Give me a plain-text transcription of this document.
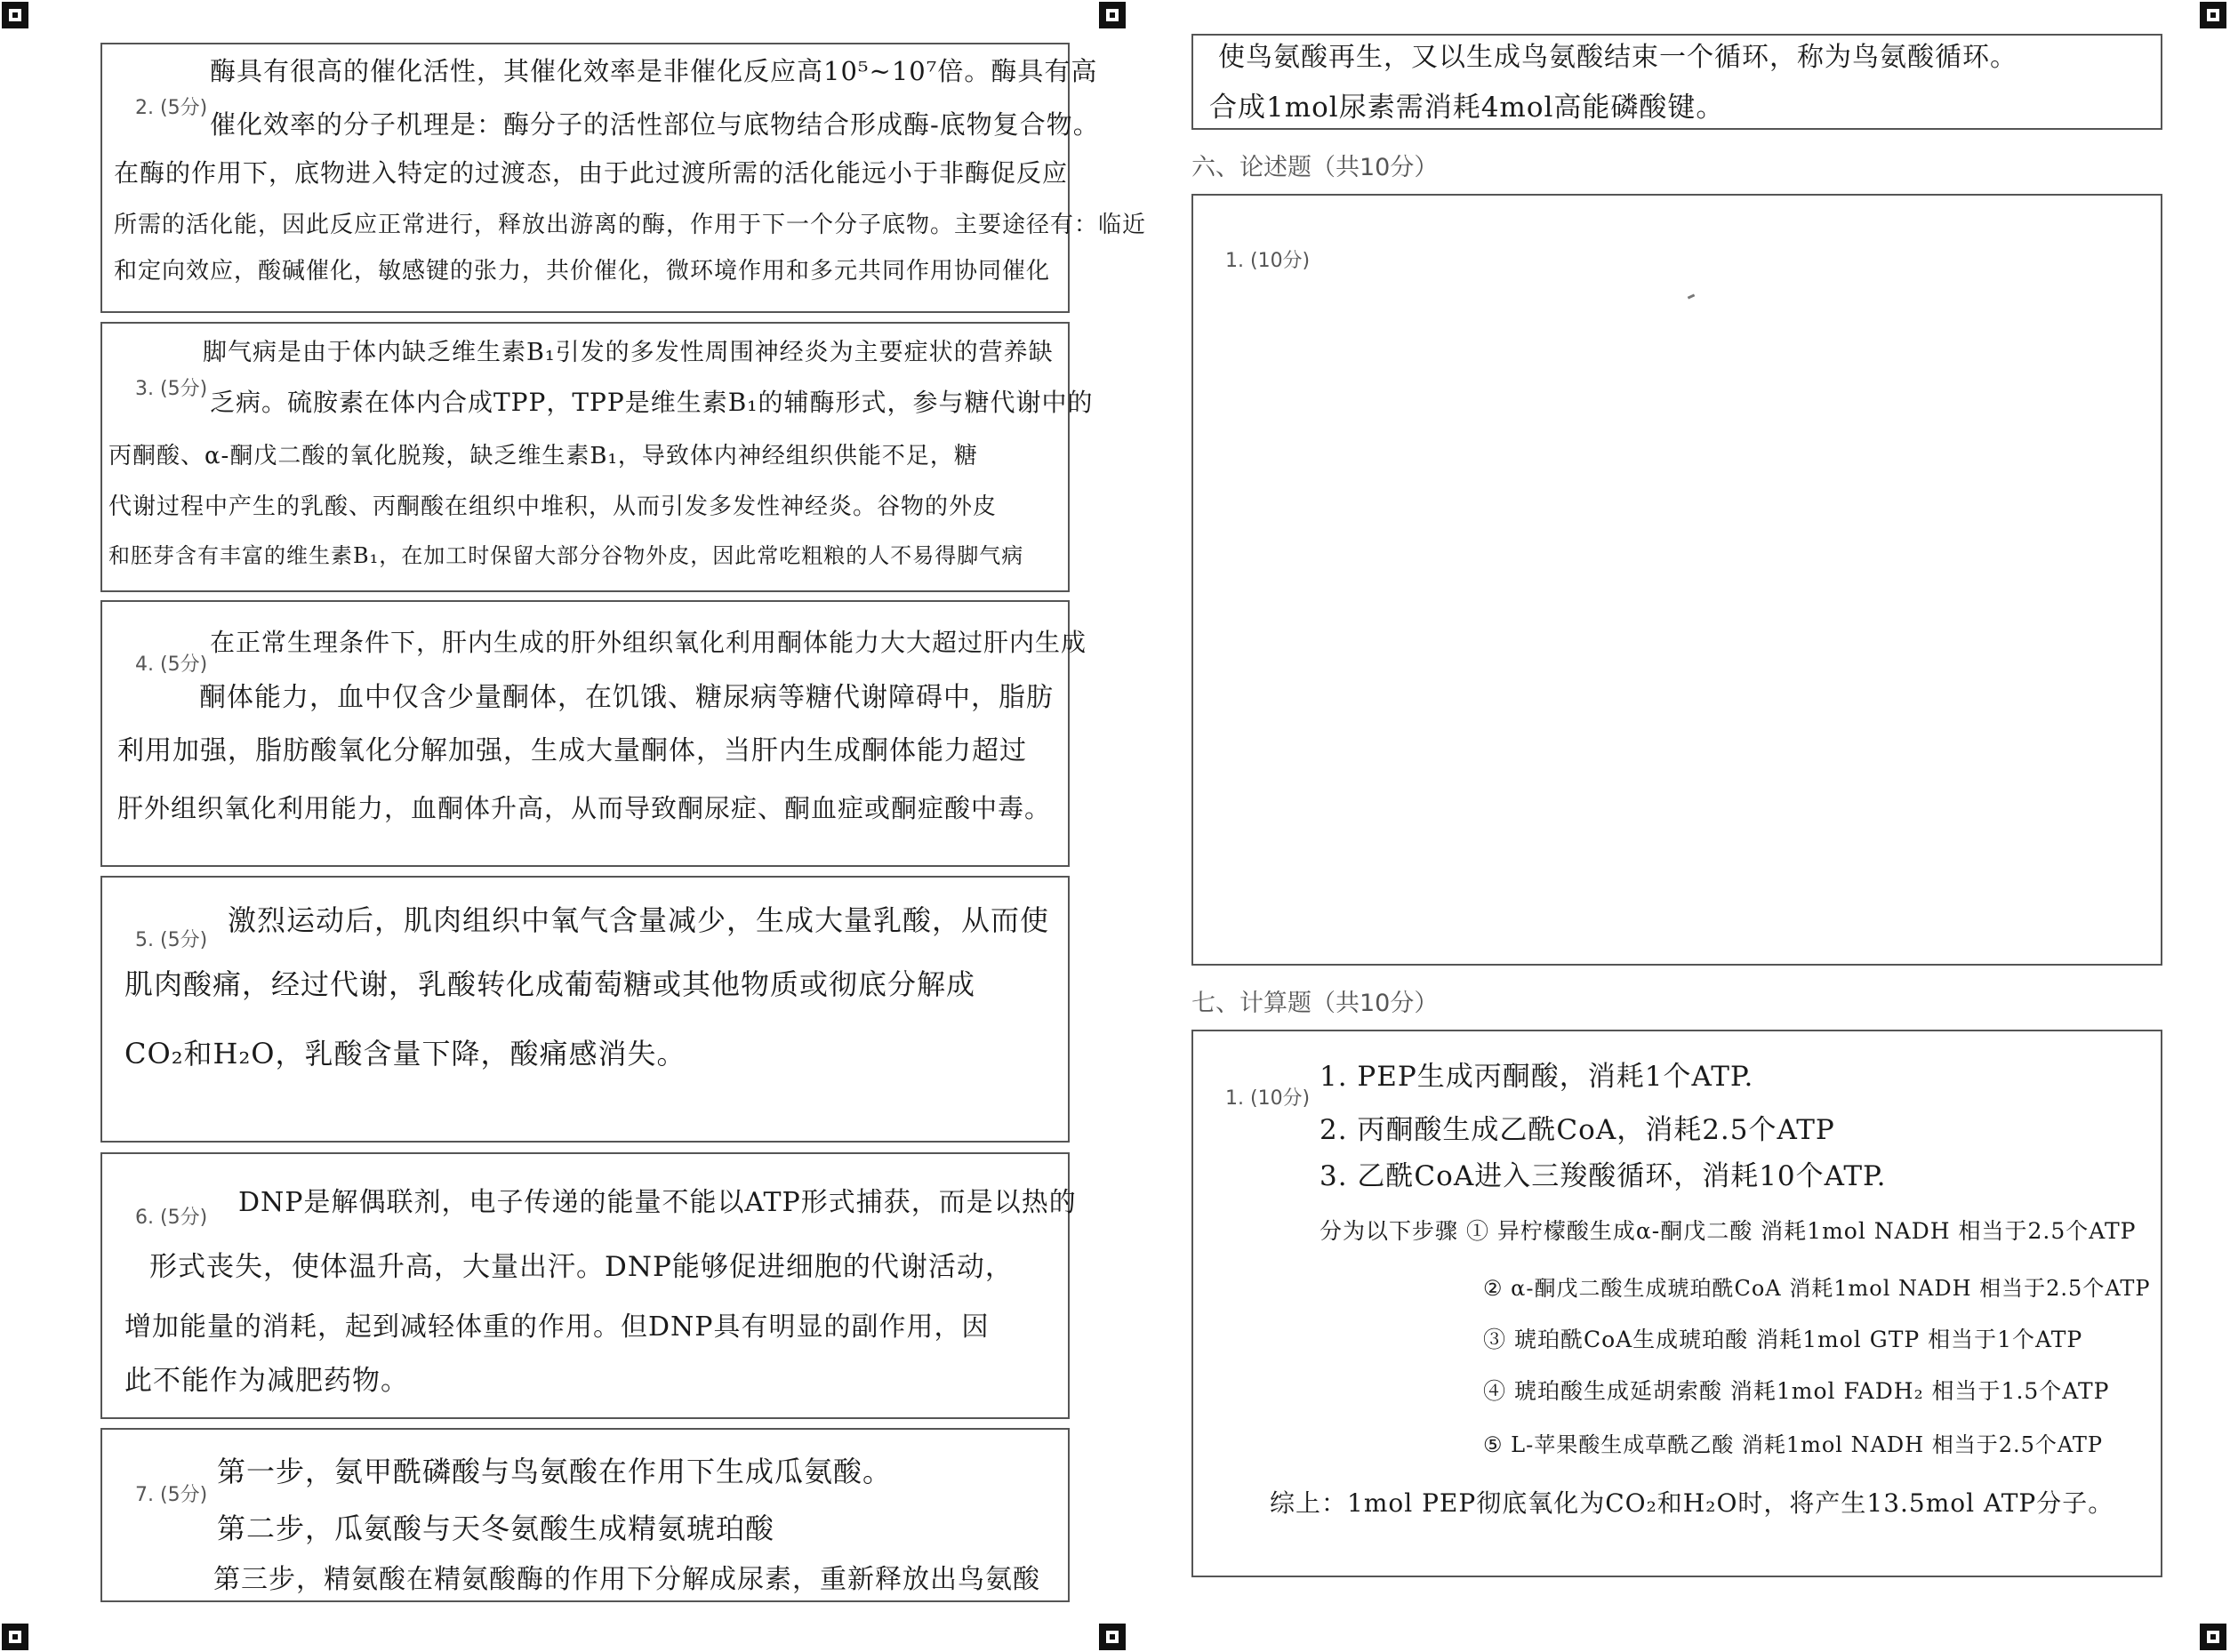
2. (5分)
酶具有很高的催化活性，其催化效率是非催化反应高10⁵~10⁷倍。酶具有高
催化效率的分子机理是：酶分子的活性部位与底物结合形成酶-底物复合物。
在酶的作用下，底物进入特定的过渡态，由于此过渡所需的活化能远小于非酶促反应
所需的活化能，因此反应正常进行，释放出游离的酶，作用于下一个分子底物。主要途径有：临近
和定向效应，酸碱催化，敏感键的张力，共价催化，微环境作用和多元共同作用协同催化
3. (5分)
脚气病是由于体内缺乏维生素B₁引发的多发性周围神经炎为主要症状的营养缺
乏病。硫胺素在体内合成TPP，TPP是维生素B₁的辅酶形式，参与糖代谢中的
丙酮酸、α-酮戊二酸的氧化脱羧，缺乏维生素B₁，导致体内神经组织供能不足，糖
代谢过程中产生的乳酸、丙酮酸在组织中堆积，从而引发多发性神经炎。谷物的外皮
和胚芽含有丰富的维生素B₁，在加工时保留大部分谷物外皮，因此常吃粗粮的人不易得脚气病
4. (5分)
在正常生理条件下，肝内生成的肝外组织氧化利用酮体能力大大超过肝内生成
酮体能力，血中仅含少量酮体，在饥饿、糖尿病等糖代谢障碍中，脂肪
利用加强，脂肪酸氧化分解加强，生成大量酮体，当肝内生成酮体能力超过
肝外组织氧化利用能力，血酮体升高，从而导致酮尿症、酮血症或酮症酸中毒。
5. (5分)
激烈运动后，肌肉组织中氧气含量减少，生成大量乳酸，从而使
肌肉酸痛，经过代谢，乳酸转化成葡萄糖或其他物质或彻底分解成
CO₂和H₂O，乳酸含量下降，酸痛感消失。
6. (5分) DNP是解偶联剂，电子传递的能量不能以ATP形式捕获，而是以热的
形式丧失，使体温升高，大量出汗。DNP能够促进细胞的代谢活动，
增加能量的消耗，起到减轻体重的作用。但DNP具有明显的副作用，因
此不能作为减肥药物。
7. (5分)
第一步，氨甲酰磷酸与鸟氨酸在作用下生成瓜氨酸。
第二步，瓜氨酸与天冬氨酸生成精氨琥珀酸
第三步，精氨酸在精氨酸酶的作用下分解成尿素，重新释放出鸟氨酸
使鸟氨酸再生，又以生成鸟氨酸结束一个循环，称为鸟氨酸循环。
合成1mol尿素需消耗4mol高能磷酸键。
六、论述题（共10分）
1. (10分)
七、计算题（共10分）
1. (10分)
1. PEP生成丙酮酸，消耗1个ATP.
2. 丙酮酸生成乙酰CoA，消耗2.5个ATP
3. 乙酰CoA进入三羧酸循环，消耗10个ATP.
分为以下步骤 ① 异柠檬酸生成α-酮戊二酸 消耗1mol NADH 相当于2.5个ATP
② α-酮戊二酸生成琥珀酰CoA 消耗1mol NADH 相当于2.5个ATP
③ 琥珀酰CoA生成琥珀酸 消耗1mol GTP 相当于1个ATP
④ 琥珀酸生成延胡索酸 消耗1mol FADH₂ 相当于1.5个ATP
⑤ L-苹果酸生成草酰乙酸 消耗1mol NADH 相当于2.5个ATP
综上：1mol PEP彻底氧化为CO₂和H₂O时，将产生13.5mol ATP分子。
